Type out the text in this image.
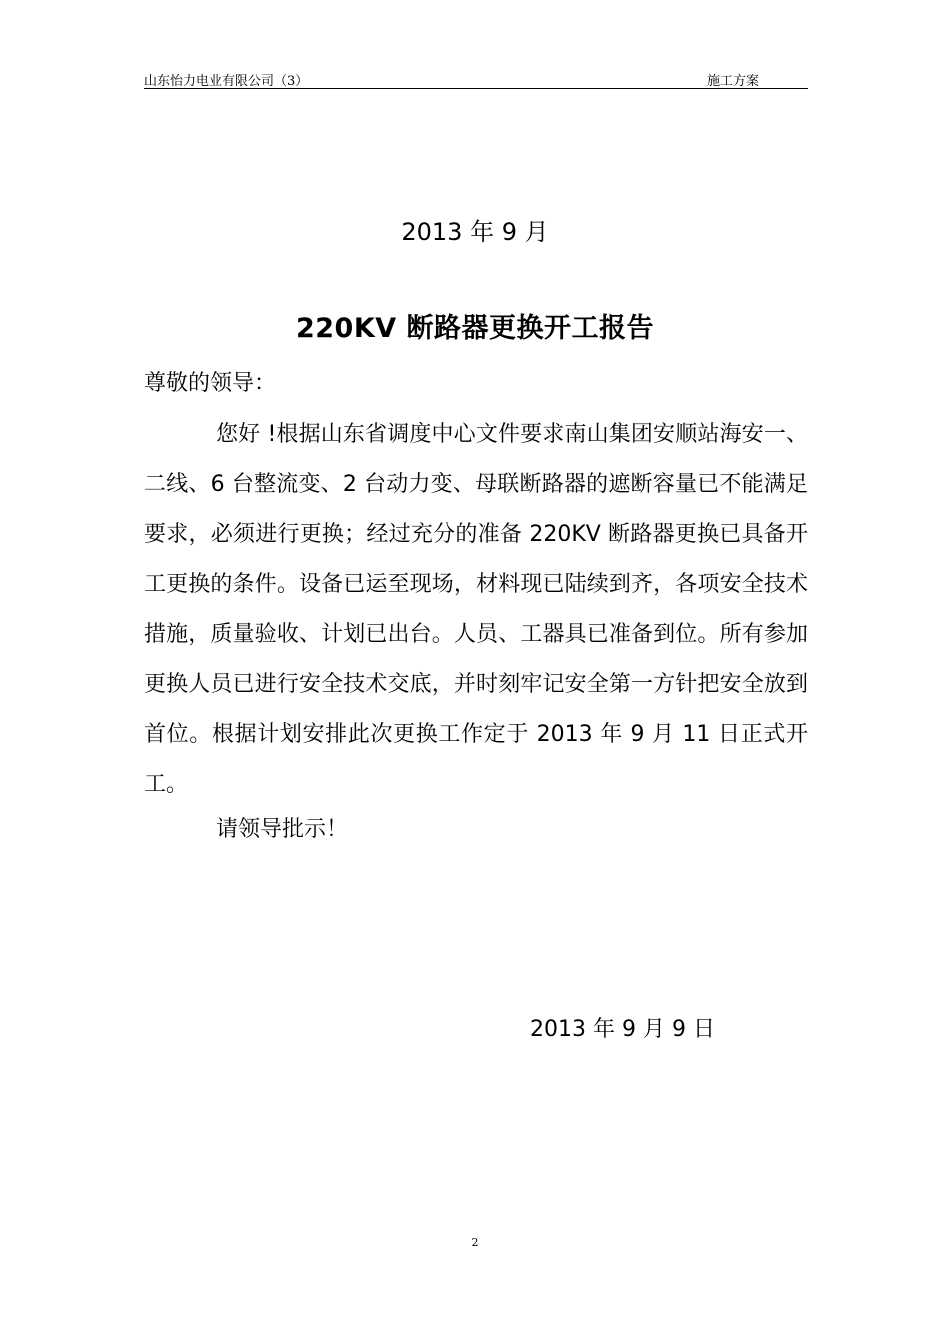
山东怡力电业有限公司（3）	施工方案
2013 年 9 月
220KV 断路器更换开工报告
尊敬的领导：

您好 !根据山东省调度中心文件要求南山集团安顺站海安一、二线、6 台整流变、2 台动力变、母联断路器的遮断容量已不能满足要求，必须进行更换；经过充分的准备 220KV 断路器更换已具备开工更换的条件。设备已运至现场，材料现已陆续到齐，各项安全技术措施，质量验收、计划已出台。人员、工器具已准备到位。所有参加更换人员已进行安全技术交底，并时刻牢记安全第一方针把安全放到首位。根据计划安排此次更换工作定于 2013 年 9 月 11 日正式开工。

请领导批示！
2013 年 9 月 9 日
2
